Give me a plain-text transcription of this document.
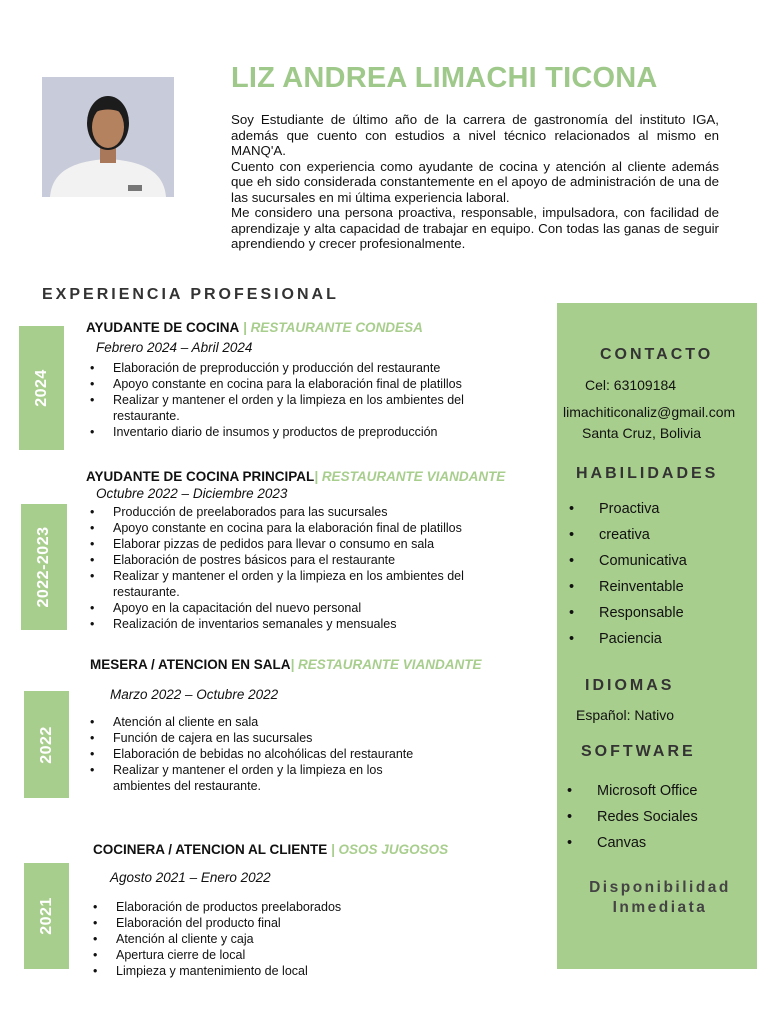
LIZ ANDREA LIMACHI TICONA

Soy Estudiante de último año de la carrera de gastronomía del instituto IGA, además que cuento con estudios a nivel técnico relacionados al mismo en MANQ'A.

Cuento con experiencia como ayudante de cocina y atención al cliente además que eh sido considerada constantemente en el apoyo de administración de una de las sucursales en mi última experiencia laboral.

Me considero una persona proactiva, responsable, impulsadora, con facilidad de aprendizaje y alta capacidad de trabajar en equipo. Con todas las ganas de seguir aprendiendo y crecer profesionalmente.

EXPERIENCIA PROFESIONAL
2024
AYUDANTE DE COCINA | RESTAURANTE CONDESA
Febrero 2024 – Abril 2024
• Elaboración de preproducción y producción del restaurante
• Apoyo constante en cocina para la elaboración final de platillos
• Realizar y mantener el orden y la limpieza en los ambientes del restaurante.
• Inventario diario de insumos y productos de preproducción
2022-2023
AYUDANTE DE COCINA PRINCIPAL| RESTAURANTE VIANDANTE
Octubre 2022 – Diciembre 2023
• Producción de preelaborados para las sucursales
• Apoyo constante en cocina para la elaboración final de platillos
• Elaborar pizzas de pedidos para llevar o consumo en sala
• Elaboración de postres básicos para el restaurante
• Realizar y mantener el orden y la limpieza en los ambientes del restaurante.
• Apoyo en la capacitación del nuevo personal
• Realización de inventarios semanales y mensuales
2022
MESERA / ATENCION EN SALA| RESTAURANTE VIANDANTE
Marzo 2022 – Octubre 2022
• Atención al cliente en sala
• Función de cajera en las sucursales
• Elaboración de bebidas no alcohólicas del restaurante
• Realizar y mantener el orden y la limpieza en los ambientes del restaurante.
2021
COCINERA / ATENCION AL CLIENTE | OSOS JUGOSOS
Agosto 2021 – Enero 2022
• Elaboración de productos preelaborados
• Elaboración del producto final
• Atención al cliente y caja
• Apertura cierre de local
• Limpieza y mantenimiento de local
CONTACTO
Cel: 63109184
limachiticonaliz@gmail.com
Santa Cruz, Bolivia
HABILIDADES
• Proactiva
• creativa
• Comunicativa
• Reinventable
• Responsable
• Paciencia
IDIOMAS
Español: Nativo
SOFTWARE
• Microsoft Office
• Redes Sociales
• Canvas
Disponibilidad
Inmediata
